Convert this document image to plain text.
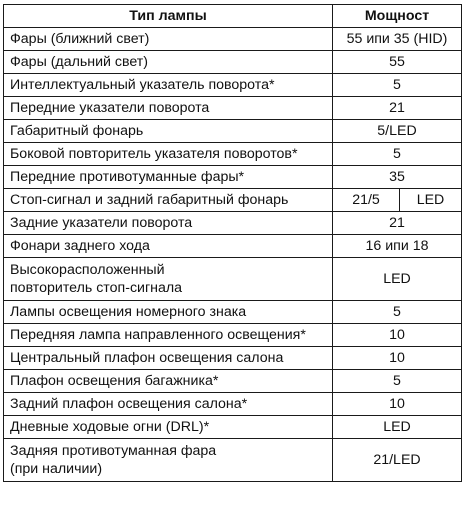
Тип лампы	Мощност	
Фары (ближний свет)	55 ипи 35 (HID)	
Фары (дальний свет)	55	
Интеллектуальный указатель поворота*	5	
Передние указатели поворота	21	
Габаритный фонарь	5/LED	
Боковой повторитель указателя поворотов*	5	
Передние противотуманные фары*	35	
Стоп-сигнал и задний габаритный фонарь	21/5	LED
Задние указатели поворота	21	
Фонари заднего хода	16 ипи 18	
Высокорасположенный
повторитель стоп-сигнала	LED	
Лампы освещения номерного знака	5	
Передняя лампа направленного освещения*	10	
Центральный плафон освещения салона	10	
Плафон освещения багажника*	5	
Задний плафон освещения салона*	10	
Дневные ходовые огни (DRL)*	LED	
Задняя противотуманная фара
(при наличии)	21/LED	
